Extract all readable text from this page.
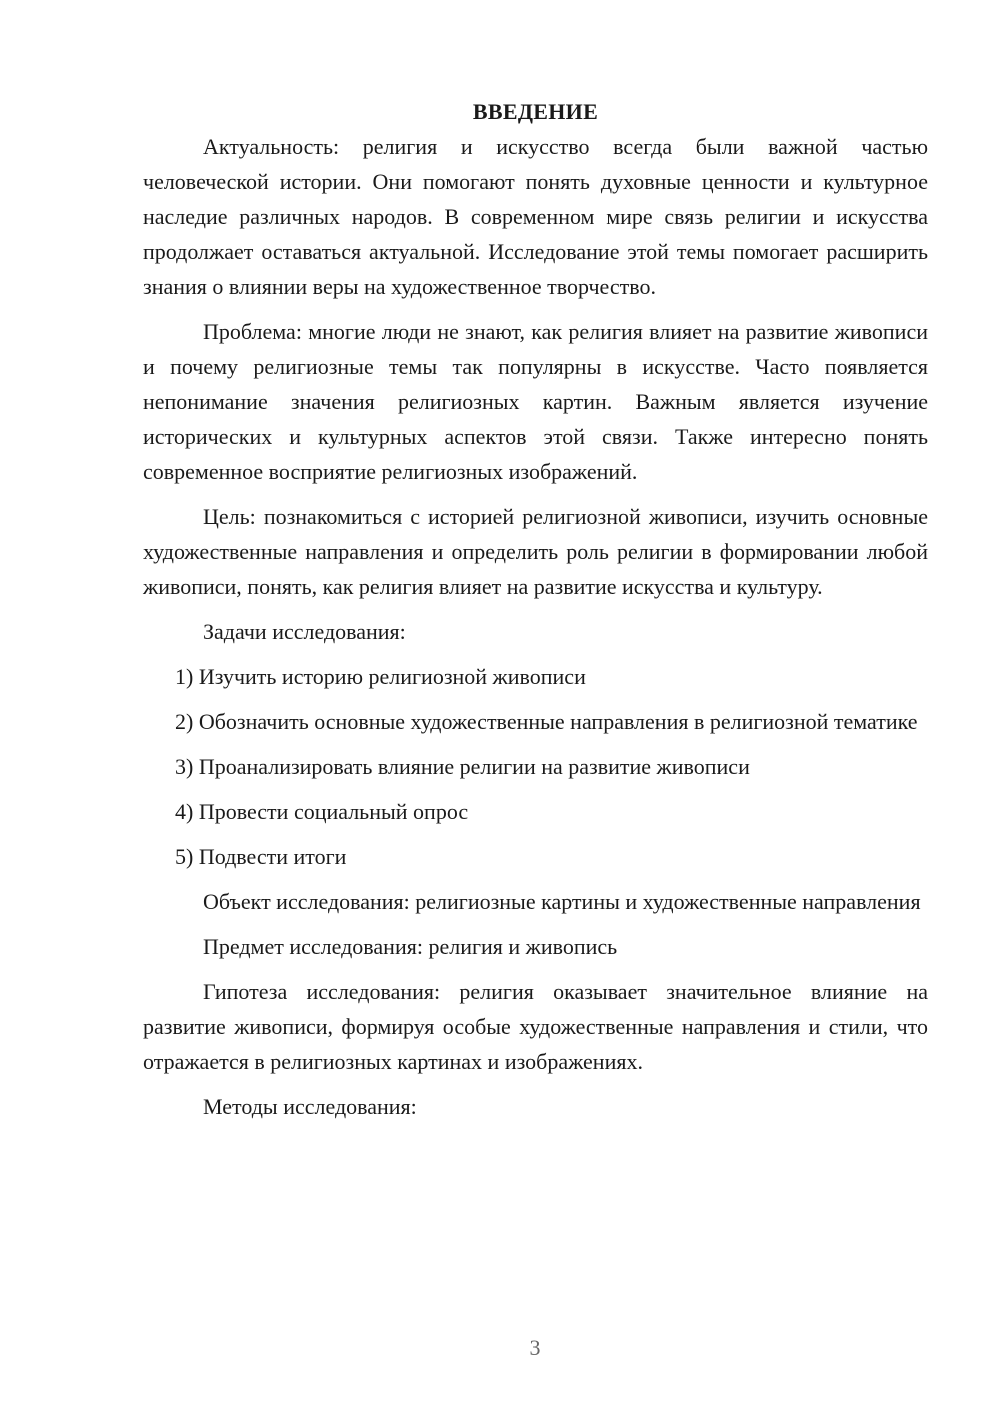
ВВЕДЕНИЕ

Актуальность: религия и искусство всегда были важной частью человеческой истории. Они помогают понять духовные ценности и культурное наследие различных народов. В современном мире связь религии и искусства продолжает оставаться актуальной. Исследование этой темы помогает расширить знания о влиянии веры на художественное творчество.

Проблема: многие люди не знают, как религия влияет на развитие живописи и почему религиозные темы так популярны в искусстве. Часто появляется непонимание значения религиозных картин. Важным является изучение исторических и культурных аспектов этой связи. Также интересно понять современное восприятие религиозных изображений.

Цель: познакомиться с историей религиозной живописи, изучить основные художественные направления и определить роль религии в формировании любой живописи, понять, как религия влияет на развитие искусства и культуру.

Задачи исследования:

1) Изучить историю религиозной живописи

2) Обозначить основные художественные направления в религиозной тематике

3) Проанализировать влияние религии на развитие живописи

4) Провести социальный опрос

5) Подвести итоги

Объект исследования: религиозные картины и художественные направления

Предмет исследования: религия и живопись

Гипотеза исследования: религия оказывает значительное влияние на развитие живописи, формируя особые художественные направления и стили, что отражается в религиозных картинах и изображениях.

Методы исследования:

3
